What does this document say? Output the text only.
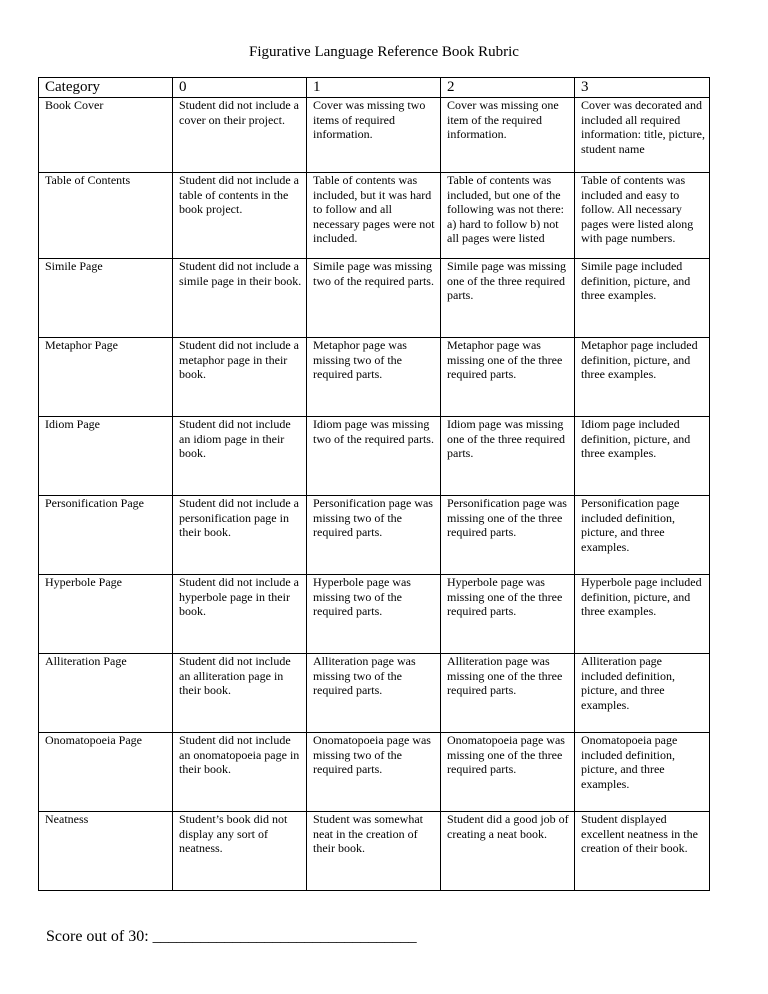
Figurative Language Reference Book Rubric
Category	0	1	2	3
Book Cover	Student did not include a cover on their project.	Cover was missing two items of required information.	Cover was missing one item of the required information.	Cover was decorated and included all required information: title, picture, student name
Table of Contents	Student did not include a table of contents in the book project.	Table of contents was included, but it was hard to follow and all necessary pages were not included.	Table of contents was included, but one of the following was not there: a) hard to follow b) not all pages were listed	Table of contents was included and easy to follow. All necessary pages were listed along with page numbers.
Simile Page	Student did not include a simile page in their book.	Simile page was missing two of the required parts.	Simile page was missing one of the three required parts.	Simile page included definition, picture, and three examples.
Metaphor Page	Student did not include a metaphor page in their book.	Metaphor page was missing two of the required parts.	Metaphor page was missing one of the three required parts.	Metaphor page included definition, picture, and three examples.
Idiom Page	Student did not include an idiom page in their book.	Idiom page was missing two of the required parts.	Idiom page was missing one of the three required parts.	Idiom page included definition, picture, and three examples.
Personification Page	Student did not include a personification page in their book.	Personification page was missing two of the required parts.	Personification page was missing one of the three required parts.	Personification page included definition, picture, and three examples.
Hyperbole Page	Student did not include a hyperbole page in their book.	Hyperbole page was missing two of the required parts.	Hyperbole page was missing one of the three required parts.	Hyperbole page included definition, picture, and three examples.
Alliteration Page	Student did not include an alliteration page in their book.	Alliteration page was missing two of the required parts.	Alliteration page was missing one of the three required parts.	Alliteration page included definition, picture, and three examples.
Onomatopoeia Page	Student did not include an onomatopoeia page in their book.	Onomatopoeia page was missing two of the required parts.	Onomatopoeia page was missing one of the three required parts.	Onomatopoeia page included definition, picture, and three examples.
Neatness	Student’s book did not display any sort of neatness.	Student was somewhat neat in the creation of their book.	Student did a good job of creating a neat book.	Student displayed excellent neatness in the creation of their book.
Score out of 30: _________________________________
